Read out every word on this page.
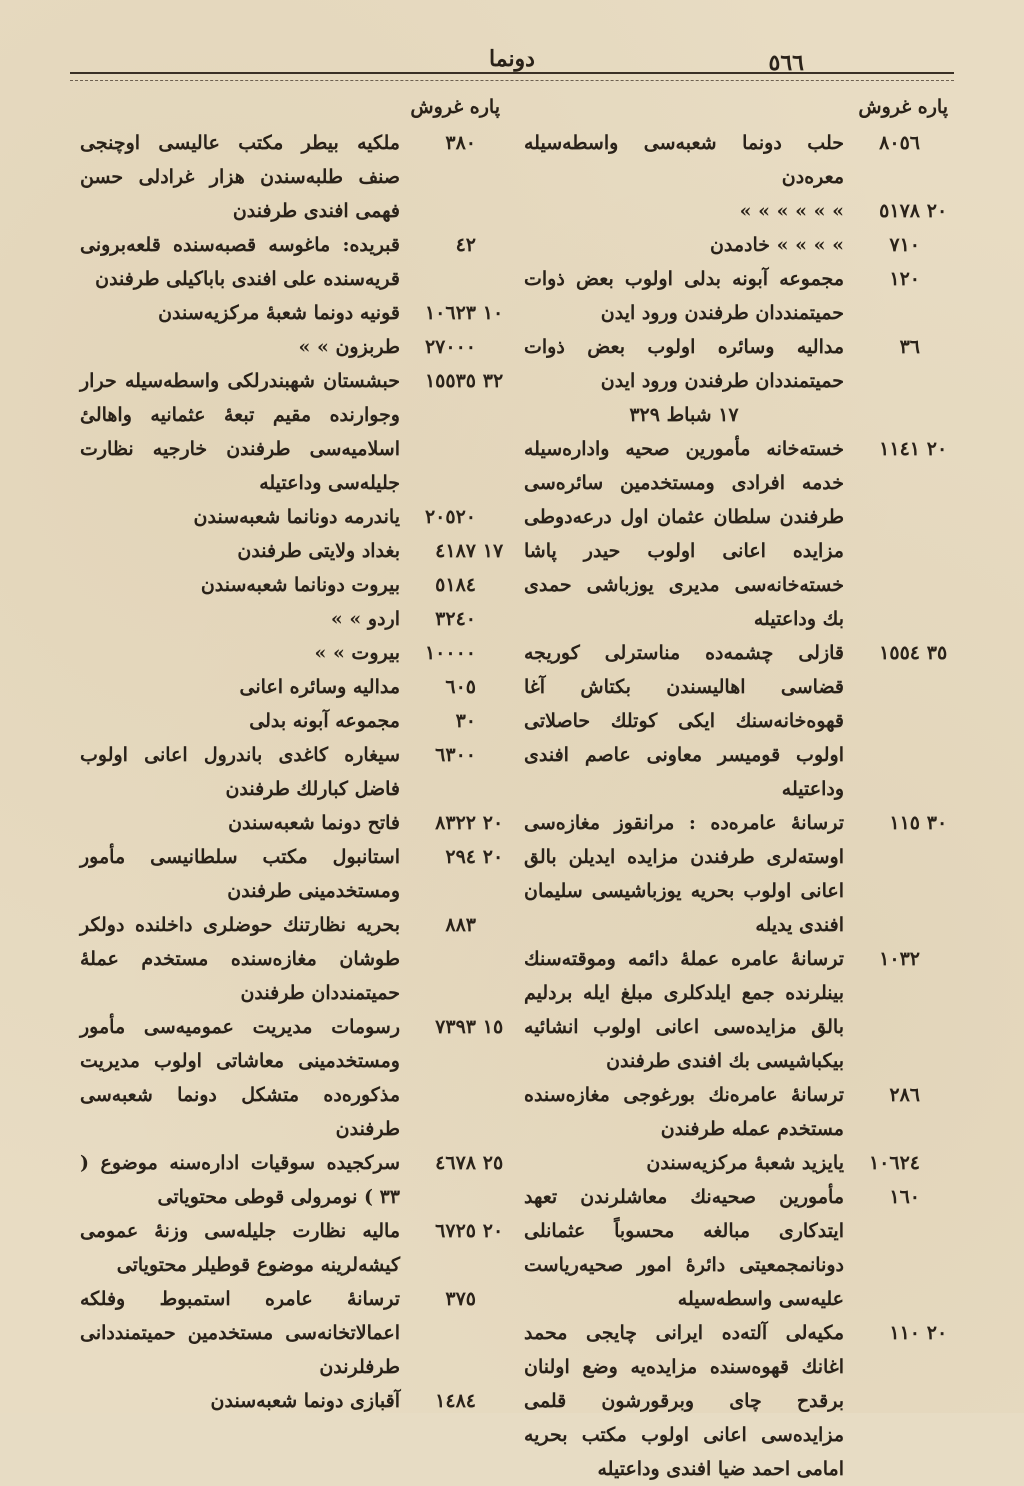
٥٦٦
دونما
پاره غروش
٨٠٥٦
حلب دونما شعبه‌سی واسطه‌سیله معره‌دن
٢٠
٥١٧٨
» » » » » »
٧١٠
» » » » خادمدن
١٢٠
مجموعه آبونه بدلی اولوب بعض ذوات حمیتمنددان طرفندن ورود ایدن
٣٦
مدالیه وسائره اولوب بعض ذوات حمیتمنددان طرفندن ورود ایدن
١٧ شباط ٣٢٩
٢٠
١١٤١
خسته‌خانه مأمورین صحیه واداره‌سیله خدمه افرادی ومستخدمین سائره‌سی طرفندن سلطان عثمان اول درعه‌دوطی مزایده اعانی اولوب حیدر پاشا خسته‌خانه‌سی مدیری یوزباشی حمدی بك وداعتیله
٣٥
١٥٥٤
قازلی چشمه‌ده مناسترلی کوریجه قضاسی اهالیسندن بکتاش آغا قهوه‌خانه‌سنك ایکی کوتلك حاصلاتی اولوب قومیسر معاونی عاصم افندی وداعتیله
٣٠
١١٥
ترسانهٔ عامره‌ده : مرانقوز مغازه‌سی اوسته‌لری طرفندن مزایده ایدیلن بالق اعانی اولوب بحریه یوزباشیسی سلیمان افندی یدیله
١٠٣٢
ترسانهٔ عامره عمله‌ٔ دائمه وموقته‌سنك بینلرنده جمع ایلدکلری مبلغ ایله بردلیم بالق مزایده‌سی اعانی اولوب انشائیه بیکباشیسی بك افندی طرفندن
٢٨٦
ترسانهٔ عامره‌نك بورغوجی مغازه‌سنده مستخدم عمله طرفندن
١٠٦٢٤
یایزید شعبهٔ مرکزیه‌سندن
١٦٠
مأمورین صحیه‌نك معاشلرندن تعهد ایتدکاری مبالغه محسوباً عثمانلی دونانمجمعیتی دائرهٔ امور صحیه‌ریاست علیه‌سی واسطه‌سیله
٢٠
١١٠
مکیه‌لی آلته‌ده ایرانی چایجی محمد اغانك قهوه‌سنده مزایده‌یه وضع اولنان برقدح چای وبرقورشون قلمی مزایده‌سی اعانی اولوب مکتب بحریه امامی احمد ضیا افندی وداعتیله
پاره غروش
٣٨٠
ملکیه بیطر مکتب عالیسی اوچنجی صنف طلبه‌سندن هزار غرادلی حسن فهمی افندی طرفندن
٤٢
قبریده: ماغوسه قصبه‌سنده قلعه‌برونی قریه‌سنده علی افندی باباکیلی طرفندن
١٠
١٠٦٢٣
قونیه دونما شعبهٔ مرکزیه‌سندن
٢٧٠٠٠
طربزون » »
٣٢
١٥٥٣٥
حبشستان شهبندرلکی واسطه‌سیله حرار وجوارنده مقیم تبعهٔ عثمانیه واهالیٔ اسلامیه‌سی طرفندن خارجیه نظارت جلیله‌سی وداعتیله
٢٠٥٢٠
یاندرمه دونانما شعبه‌سندن
١٧
٤١٨٧
بغداد ولایتی طرفندن
٥١٨٤
بیروت دونانما شعبه‌سندن
٣٢٤٠
اردو » »
١٠٠٠٠
بیروت » »
٦٠٥
مدالیه وسائره اعانی
٣٠
مجموعه آبونه بدلی
٦٣٠٠
سیغاره کاغدی باندرول اعانی اولوب فاضل کبارلك طرفندن
٢٠
٨٣٢٢
فاتح دونما شعبه‌سندن
٢٠
٢٩٤
استانبول مکتب سلطانیسی مأمور ومستخدمینی طرفندن
٨٨٣
بحریه نظارتنك حوضلری داخلنده دولکر طوشان مغازه‌سنده مستخدم عملهٔ حمیتمنددان طرفندن
١٥
٧٣٩٣
رسومات مدیریت عمومیه‌سی مأمور ومستخدمینی معاشاتی اولوب مدیریت مذکوره‌ده متشکل دونما شعبه‌سی طرفندن
٢٥
٤٦٧٨
سرکجیده سوقیات اداره‌سنه موضوع ( ٣٣ ) نومرولی قوطی محتویاتی
٢٠
٦٧٢٥
مالیه نظارت جلیله‌سی وزنهٔ عمومی کیشه‌لرینه موضوع قوطیلر محتویاتی
٣٧٥
ترسانهٔ عامره استمبوط وفلکه اعمالاتخانه‌سی مستخدمین حمیتمنددانی طرفلرندن
١٤٨٤
آقبازی دونما شعبه‌سندن
